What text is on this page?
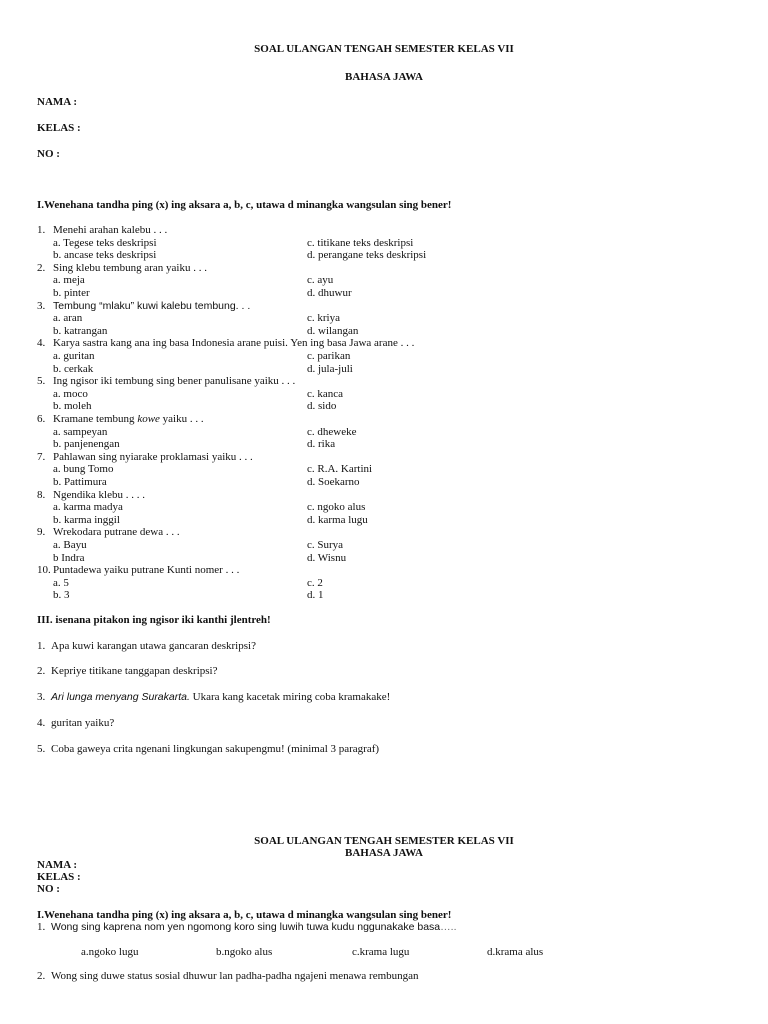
SOAL ULANGAN TENGAH SEMESTER KELAS VII
BAHASA JAWA
NAMA :
KELAS :
NO :
I.Wenehana tandha ping (x) ing aksara a, b, c, utawa d minangka wangsulan sing bener!
1. Menehi arahan kalebu . . .
a. Tegese teks deskripsi	c. titikane teks deskripsi
b. ancase teks deskripsi	d. perangane teks deskripsi
2. Sing klebu tembung aran yaiku . . .
a. meja	c. ayu
b. pinter	d. dhuwur
3. Tembung “mlaku” kuwi kalebu tembung. . .
a. aran	c. kriya
b. katrangan	d. wilangan
4. Karya sastra kang ana ing basa Indonesia arane puisi. Yen ing basa Jawa arane . . .
a. guritan	c. parikan
b. cerkak	d. jula-juli
5. Ing ngisor iki tembung sing bener panulisane yaiku . . .
a. moco	c. kanca
b. moleh	d. sido
6. Kramane tembung kowe yaiku . . .
a. sampeyan	c. dheweke
b. panjenengan	d. rika
7. Pahlawan sing nyiarake proklamasi yaiku . . .
a. bung Tomo	c. R.A. Kartini
b. Pattimura	d. Soekarno
8. Ngendika klebu . . . .
a. karma madya	c. ngoko alus
b. karma inggil	d. karma lugu
9. Wrekodara putrane dewa . . .
a. Bayu	c. Surya
b Indra	d. Wisnu
10. Puntadewa yaiku putrane Kunti nomer . . .
a. 5	c. 2
b. 3	d. 1
III. isenana pitakon ing ngisor iki kanthi jlentreh!
1. Apa kuwi karangan utawa gancaran deskripsi?
2. Kepriye titikane tanggapan deskripsi?
3. Ari lunga menyang Surakarta. Ukara kang kacetak miring coba kramakake!
4. guritan yaiku?
5. Coba gaweya crita ngenani lingkungan sakupengmu! (minimal 3 paragraf)
SOAL ULANGAN TENGAH SEMESTER KELAS VII
BAHASA JAWA
NAMA :
KELAS :
NO :
I.Wenehana tandha ping (x) ing aksara a, b, c, utawa d minangka wangsulan sing bener!
1. Wong sing kaprena nom yen ngomong koro sing luwih tuwa kudu nggunakake basa…..
a.ngoko lugu	b.ngoko alus	c.krama lugu	d.krama alus
2. Wong sing duwe status sosial dhuwur lan padha-padha ngajeni menawa rembungan
